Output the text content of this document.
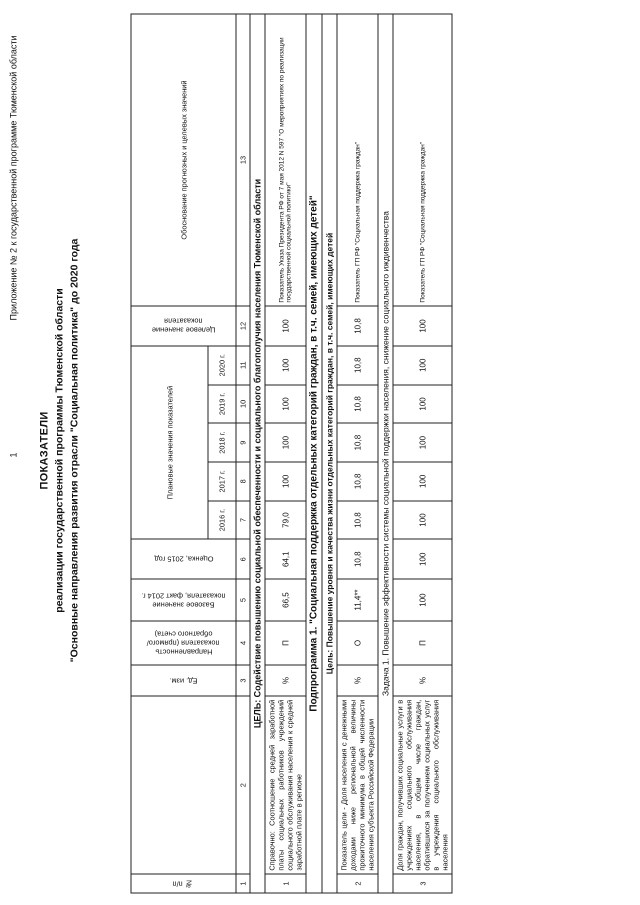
1
Приложение № 2 к государственной программе Тюменской области
ПОКАЗАТЕЛИ реализации государственной программы Тюменской области "Основные направления развития отрасли "Социальная политика" до 2020 года
№ п/п		Ед. изм.	Направленность показателя (прямого/обратного счета)	Базовое значение показателя, факт 2014 г.	Оценка, 2015 год	Плановые значения показателей					Целевое значение показателя	Обоснование прогнозных и целевых значений
						2016 г.	2017 г.	2018 г.	2019 г.	2020 г.		
1	2	3	4	5	6	7	8	9	10	11	12	13
ЦЕЛЬ: Содействие повышению социальной обеспеченности и социального благополучия населения Тюменской области												
1	Справочно: Соотношение средней заработной платы социальных работников учреждений социального обслуживания населения к средней заработной плате в регионе	%	П	66,5	64,1	79,0	100	100	100	100	100	Показатель Указа Президента РФ от 7 мая 2012 N 597 "О мероприятиях по реализации государственной социальной политики"
Подпрограмма 1. "Социальная поддержка отдельных категорий граждан, в т.ч. семей, имеющих детей"												
Цель: Повышение уровня и качества жизни отдельных категорий граждан, в т.ч. семей, имеющих детей												
2	Показатель цели - Доля населения с денежными доходами ниже региональной величины прожиточного минимума в общей численности населения субъекта Российской Федерации	%	О	11,4**	10,8	10,8	10,8	10,8	10,8	10,8	10,8	Показатель ГП РФ "Социальная поддержка граждан"
Задача 1. Повышение эффективности системы социальной поддержки населения, снижение социального иждивенчества												
3	Доля граждан, получивших социальные услуги в учреждениях социального обслуживания населения, в общем числе граждан, обратившихся за получением социальных услуг в учреждения социального обслуживания населения	%	П	100	100	100	100	100	100	100	100	Показатель ГП РФ "Социальная поддержка граждан"
